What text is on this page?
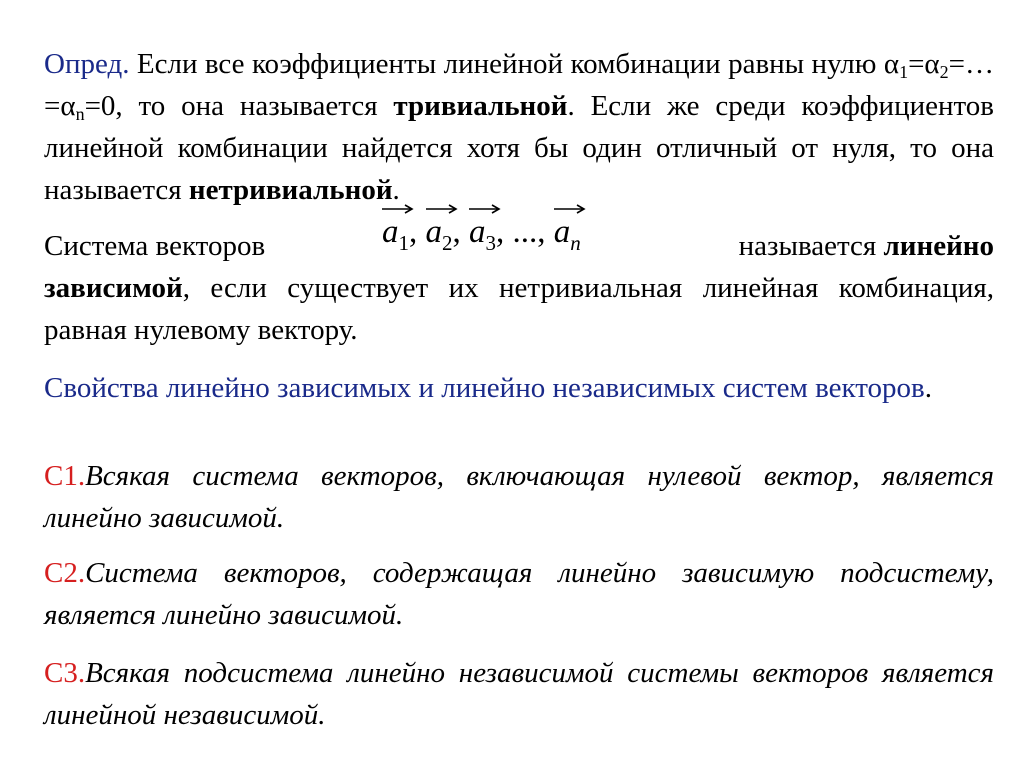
Опред. Если все коэффициенты линейной комбинации равны нулю $\alpha_1=\alpha_2=\dots=\alpha_n=0$, то она называется тривиальной. Если же среди коэффициентов линейной комбинации найдется хотя бы один отличный от нуля, то она называется нетривиальной.
$a_1$,
$a_2$,
$a_3$, ..., $a_n$
Система векторов	называется линейно
зависимой, если существует их нетривиальная линейная комбинация, равная нулевому вектору.
Свойства линейно зависимых и линейно независимых систем векторов.
С1.Всякая система векторов, включающая нулевой вектор, является линейно зависимой.
С2.Система векторов, содержащая линейно зависимую подсистему, является линейно зависимой.
С3.Всякая подсистема линейно независимой системы векторов является линейной независимой.
